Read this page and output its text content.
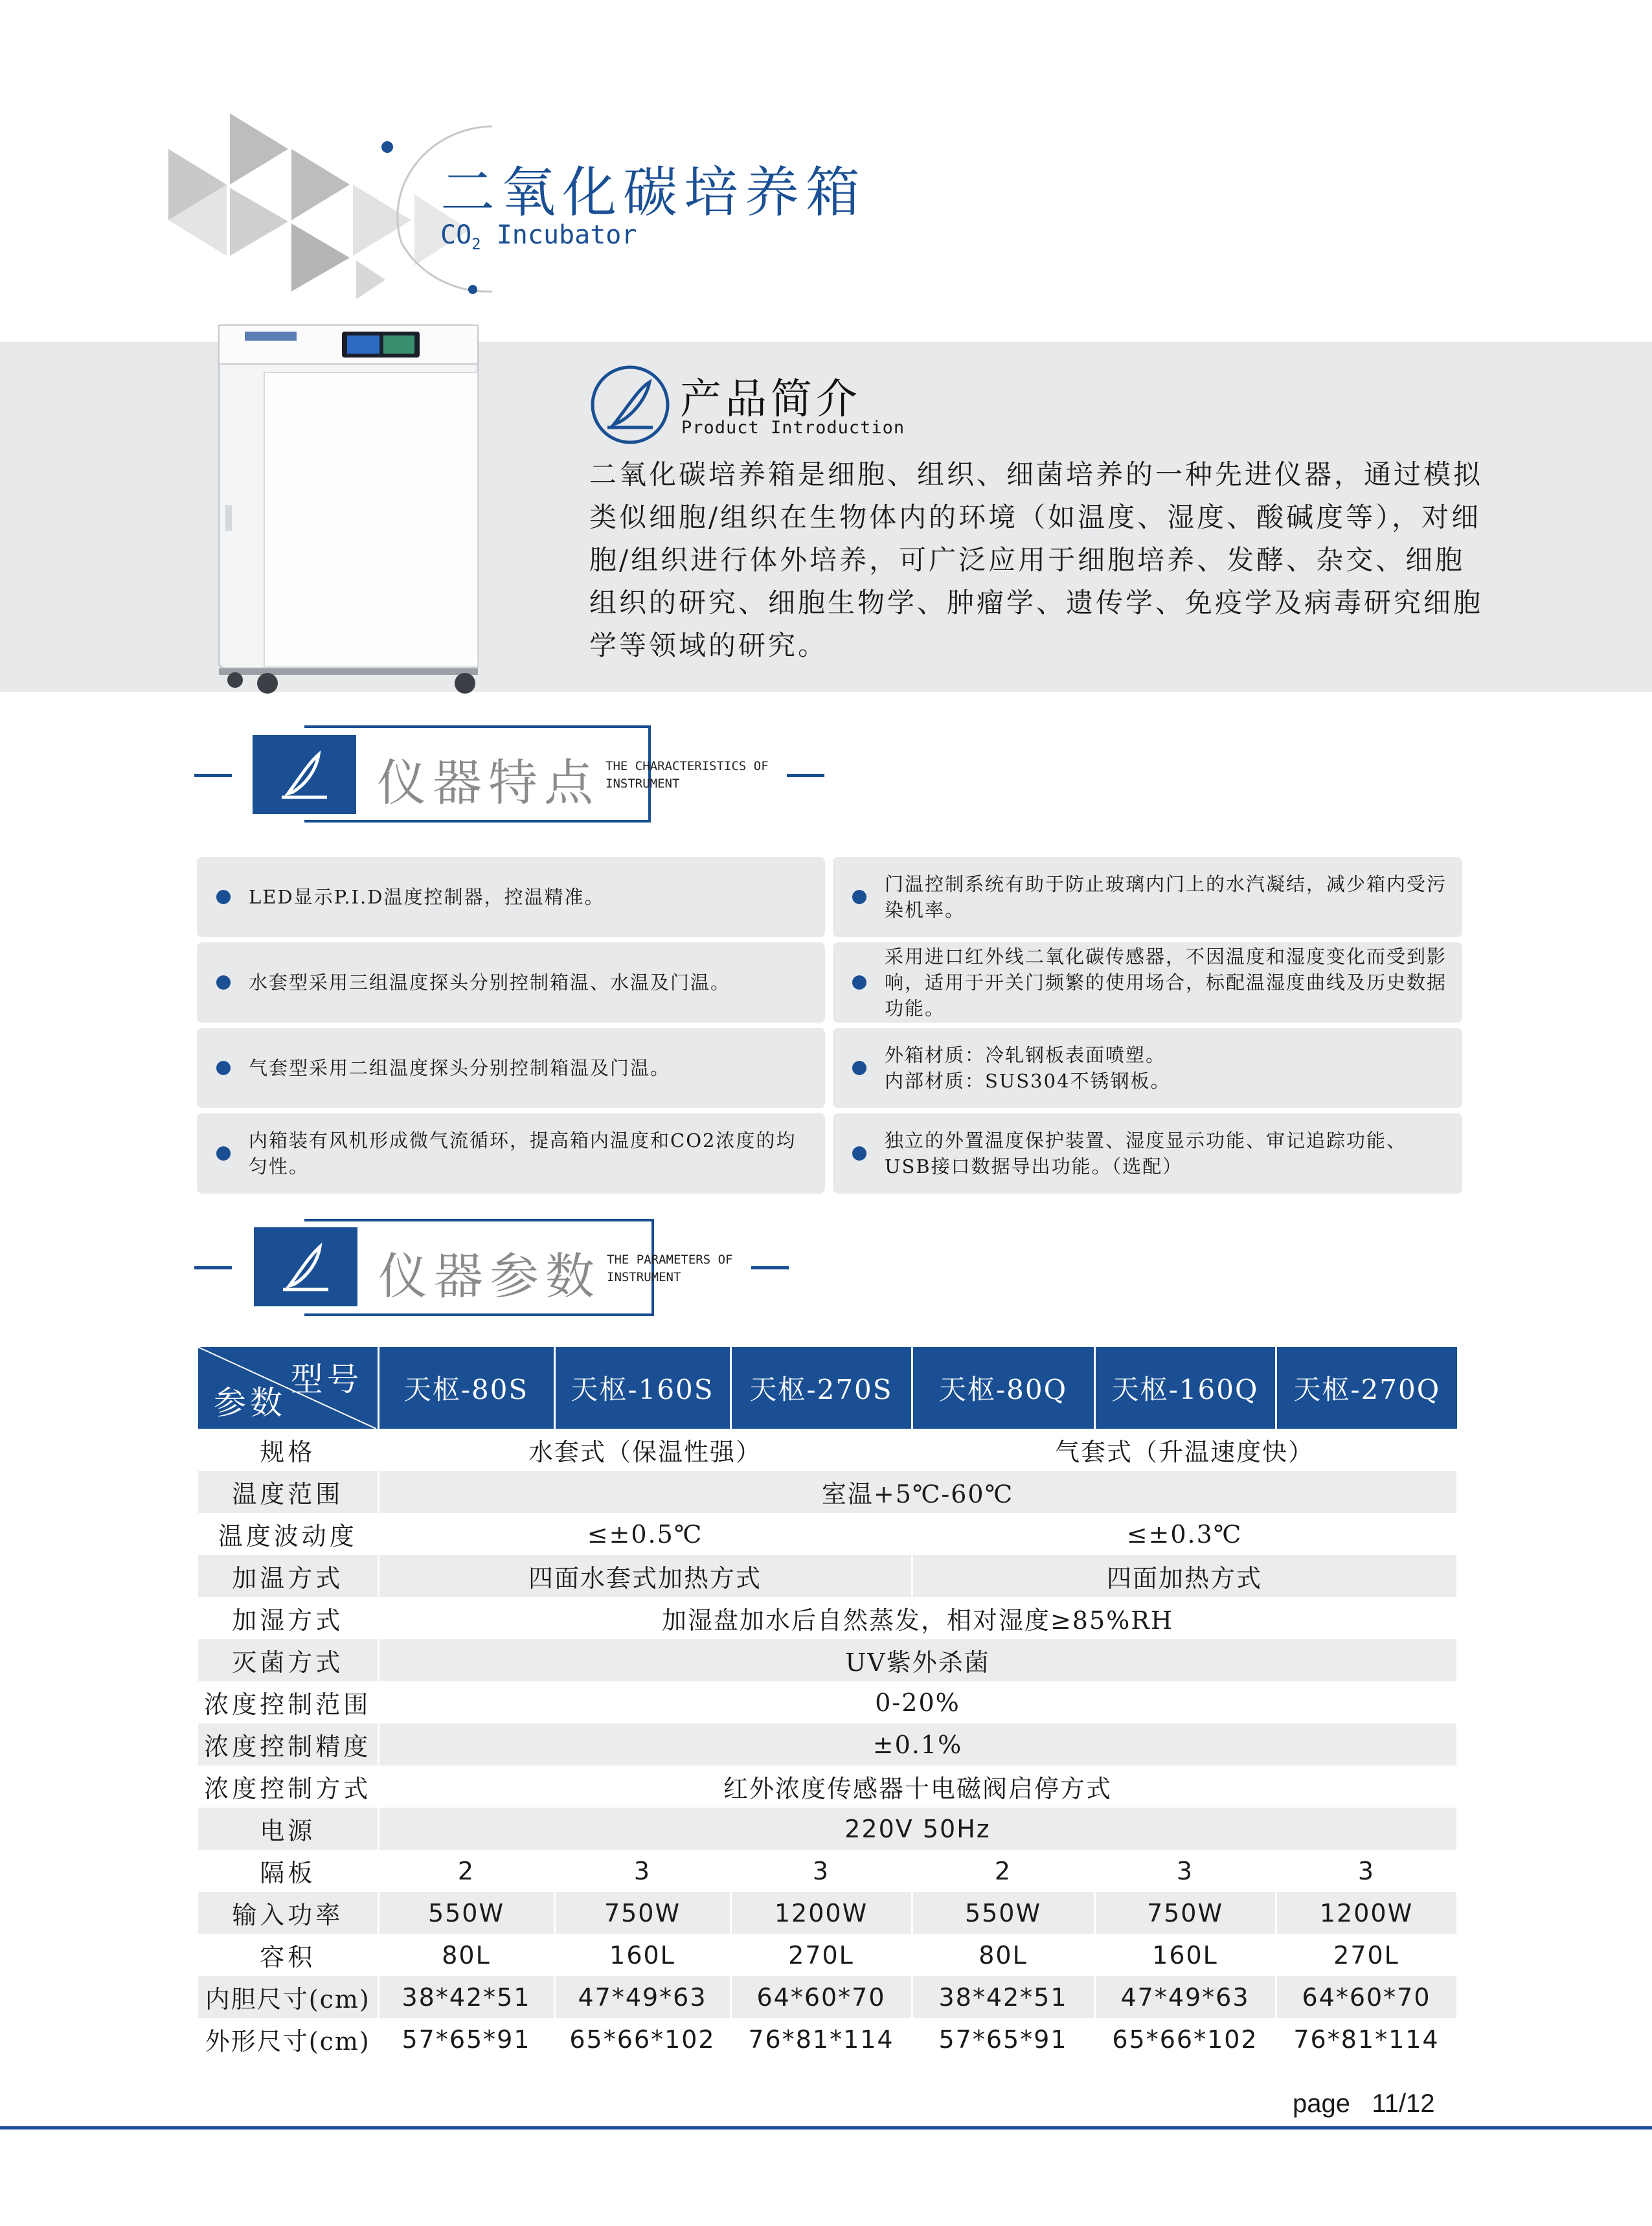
二氧化碳培养箱
$CO_2$ Incubator
产品简介
Product Introduction
二氧化碳培养箱是细胞、组织、细菌培养的一种先进仪器，通过模拟类似细胞/组织在生物体内的环境（如温度、湿度、酸碱度等），对细胞/组织进行体外培养，可广泛应用于细胞培养、发酵、杂交、细胞组织的研究、细胞生物学、肿瘤学、遗传学、免疫学及病毒研究细胞学等领域的研究。
仪器特点 THE CHARACTERISTICS OF
INSTRUMENT
LED显示P.I.D温度控制器，控温精准。
门温控制系统有助于防止玻璃内门上的水汽凝结，减少箱内受污染机率。
水套型采用三组温度探头分别控制箱温、水温及门温。
采用进口红外线二氧化碳传感器，不因温度和湿度变化而受到影响，适用于开关门频繁的使用场合，标配温湿度曲线及历史数据功能。
气套型采用二组温度探头分别控制箱温及门温。
外箱材质：冷轧钢板表面喷塑。
内部材质：SUS304不锈钢板。
内箱装有风机形成微气流循环，提高箱内温度和CO2浓度的均匀性。
独立的外置温度保护装置、湿度显示功能、审记追踪功能、USB接口数据导出功能。（选配）
仪器参数 THE PARAMETERS OF
INSTRUMENT
型号
参数	天枢-80S	天枢-160S	天枢-270S	天枢-80Q	天枢-160Q	天枢-270Q
规格	水套式（保温性强）			气套式（升温速度快）		
温度范围	室温+5℃-60℃					
温度波动度	≤±0.5℃			≤±0.3℃		
加温方式	四面水套式加热方式			四面加热方式		
加湿方式	加湿盘加水后自然蒸发，相对湿度≥85%RH					
灭菌方式	UV紫外杀菌					
浓度控制范围	0-20%					
浓度控制精度	±0.1%					
浓度控制方式	红外浓度传感器十电磁阀启停方式					
电源	220V 50Hz					
隔板	2	3	3	2	3	3
输入功率	550W	750W	1200W	550W	750W	1200W
容积	80L	160L	270L	80L	160L	270L
内胆尺寸(cm)	38*42*51	47*49*63	64*60*70	38*42*51	47*49*63	64*60*70
外形尺寸(cm)	57*65*91	65*66*102	76*81*114	57*65*91	65*66*102	76*81*114
page 11/12
